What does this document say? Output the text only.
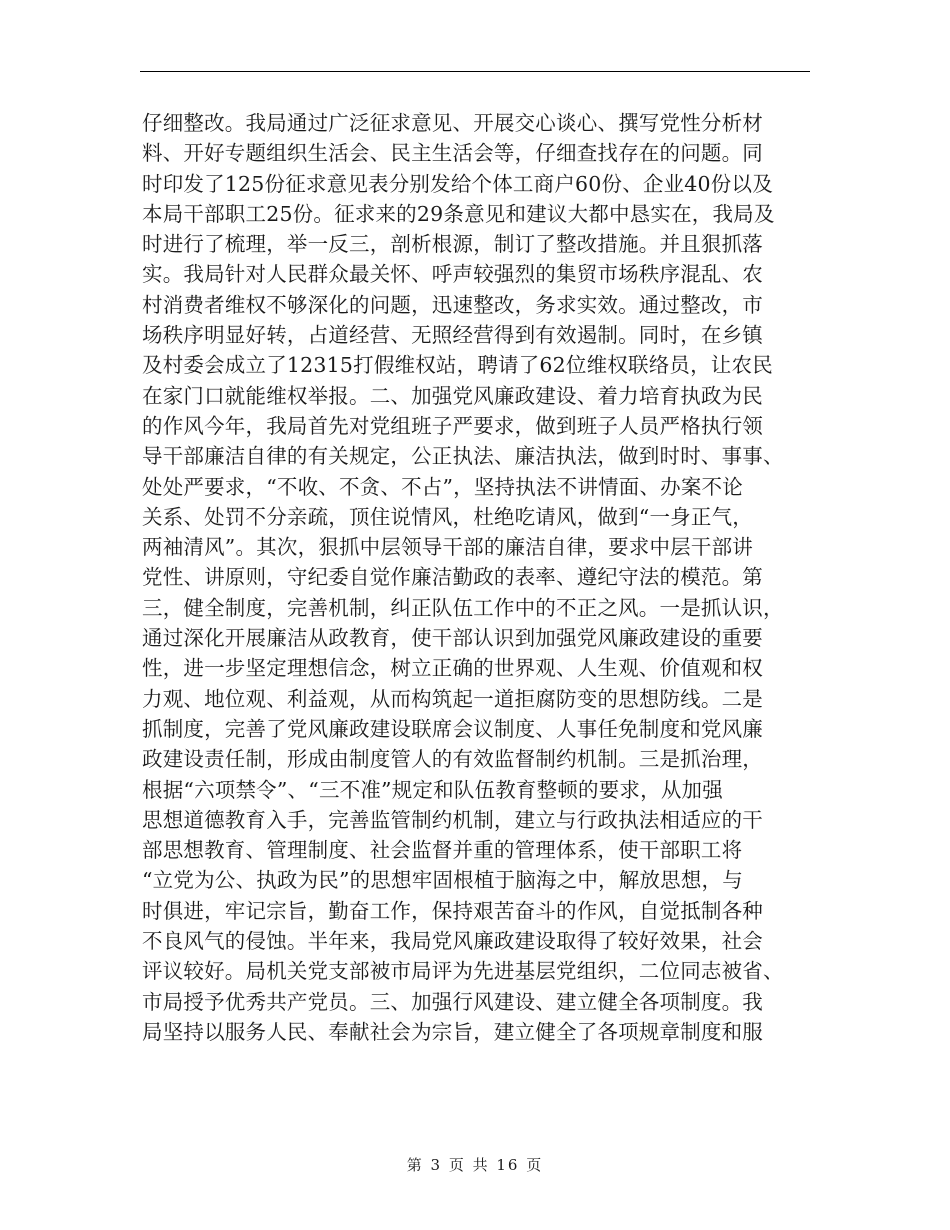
仔细整改。我局通过广泛征求意见、开展交心谈心、撰写党性分析材
料、开好专题组织生活会、民主生活会等，仔细查找存在的问题。同
时印发了125份征求意见表分别发给个体工商户60份、企业40份以及
本局干部职工25份。征求来的29条意见和建议大都中恳实在，我局及
时进行了梳理，举一反三，剖析根源，制订了整改措施。并且狠抓落
实。我局针对人民群众最关怀、呼声较强烈的集贸市场秩序混乱、农
村消费者维权不够深化的问题，迅速整改，务求实效。通过整改，市
场秩序明显好转，占道经营、无照经营得到有效遏制。同时，在乡镇
及村委会成立了12315打假维权站，聘请了62位维权联络员，让农民
在家门口就能维权举报。二、加强党风廉政建设、着力培育执政为民
的作风今年，我局首先对党组班子严要求，做到班子人员严格执行领
导干部廉洁自律的有关规定，公正执法、廉洁执法，做到时时、事事、
处处严要求，“不收、不贪、不占”，坚持执法不讲情面、办案不论
关系、处罚不分亲疏，顶住说情风，杜绝吃请风，做到“一身正气，
两袖清风”。其次，狠抓中层领导干部的廉洁自律，要求中层干部讲
党性、讲原则，守纪委自觉作廉洁勤政的表率、遵纪守法的模范。第
三，健全制度，完善机制，纠正队伍工作中的不正之风。一是抓认识，
通过深化开展廉洁从政教育，使干部认识到加强党风廉政建设的重要
性，进一步坚定理想信念，树立正确的世界观、人生观、价值观和权
力观、地位观、利益观，从而构筑起一道拒腐防变的思想防线。二是
抓制度，完善了党风廉政建设联席会议制度、人事任免制度和党风廉
政建设责任制，形成由制度管人的有效监督制约机制。三是抓治理，
根据“六项禁令”、“三不准”规定和队伍教育整顿的要求，从加强
思想道德教育入手，完善监管制约机制，建立与行政执法相适应的干
部思想教育、管理制度、社会监督并重的管理体系，使干部职工将
“立党为公、执政为民”的思想牢固根植于脑海之中，解放思想，与
时俱进，牢记宗旨，勤奋工作，保持艰苦奋斗的作风，自觉抵制各种
不良风气的侵蚀。半年来，我局党风廉政建设取得了较好效果，社会
评议较好。局机关党支部被市局评为先进基层党组织，二位同志被省、
市局授予优秀共产党员。三、加强行风建设、建立健全各项制度。我
局坚持以服务人民、奉献社会为宗旨，建立健全了各项规章制度和服

第 3 页 共 16 页
